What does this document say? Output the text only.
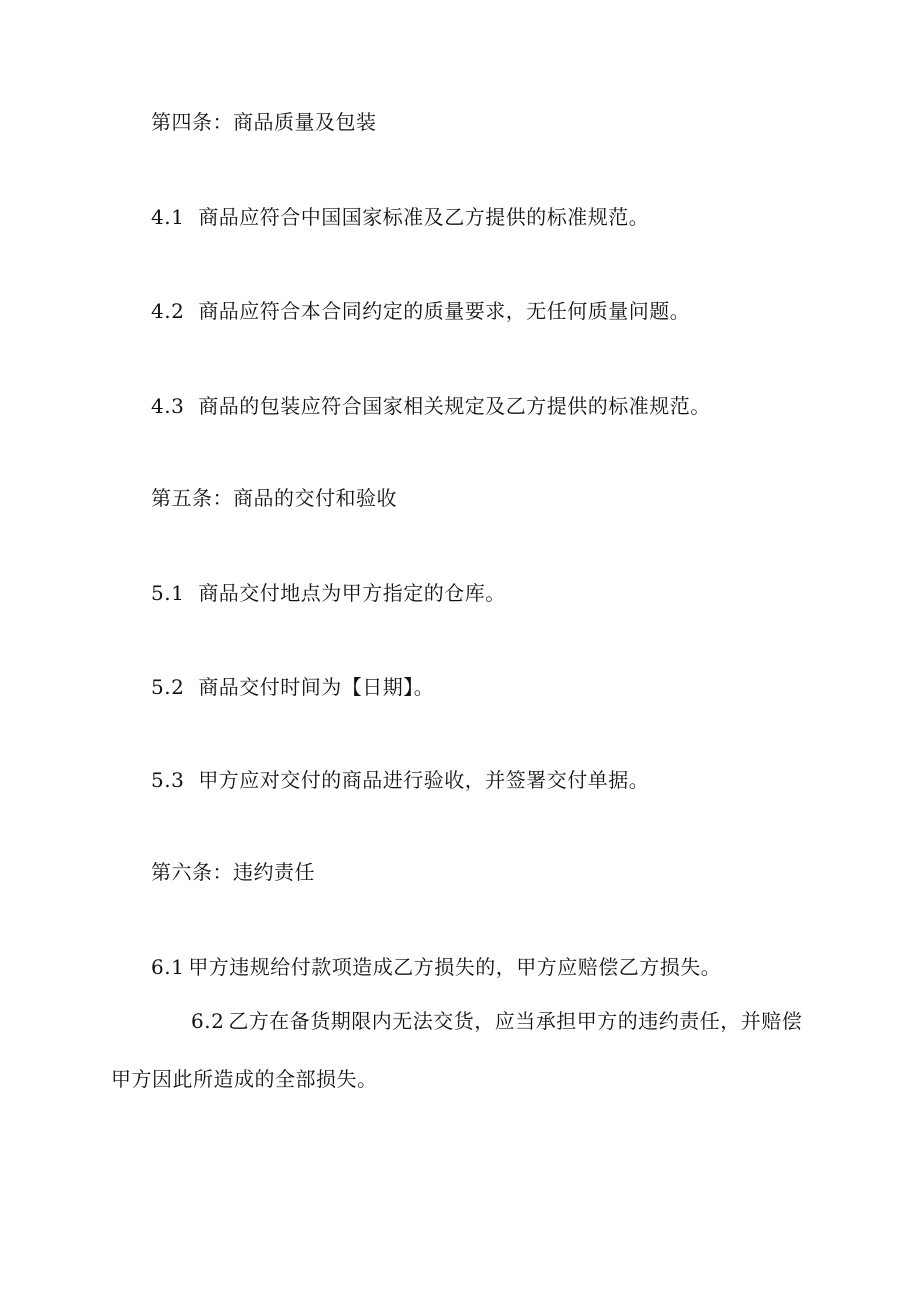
第四条：商品质量及包装
4.1 商品应符合中国国家标准及乙方提供的标准规范。
4.2 商品应符合本合同约定的质量要求，无任何质量问题。
4.3 商品的包装应符合国家相关规定及乙方提供的标准规范。
第五条：商品的交付和验收
5.1 商品交付地点为甲方指定的仓库。
5.2 商品交付时间为【日期】。
5.3 甲方应对交付的商品进行验收，并签署交付单据。
第六条：违约责任
6.1 甲方违规给付款项造成乙方损失的，甲方应赔偿乙方损失。
6.2 乙方在备货期限内无法交货，应当承担甲方的违约责任，并赔偿甲方因此所造成的全部损失。
